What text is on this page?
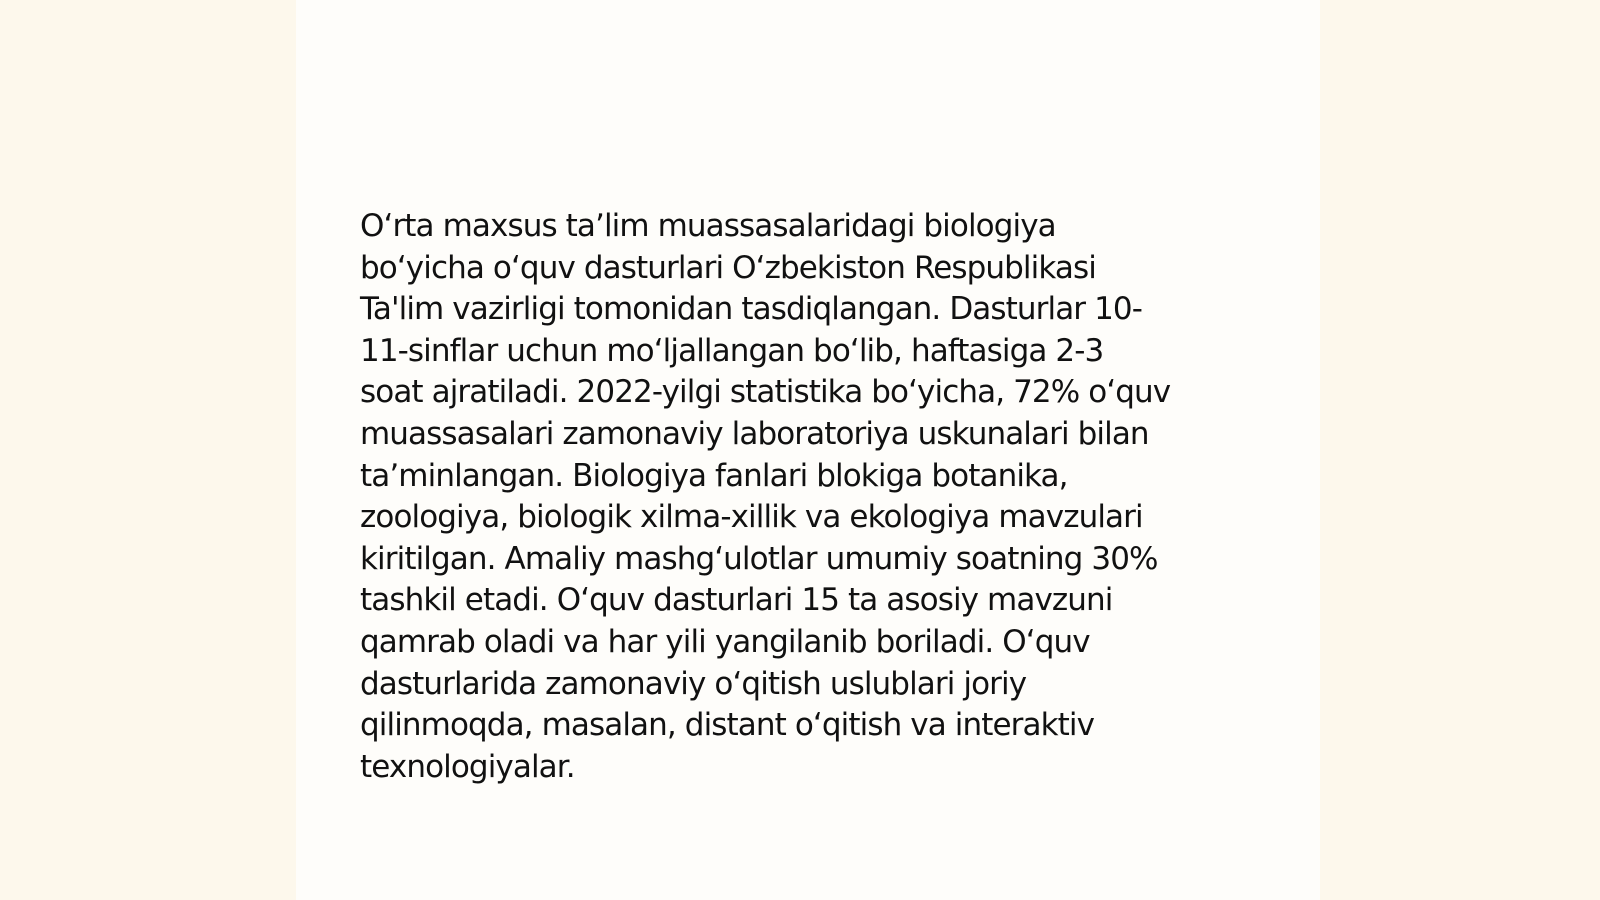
O‘rta maxsus ta’lim muassasalaridagi biologiya
bo‘yicha o‘quv dasturlari O‘zbekiston Respublikasi
Ta'lim vazirligi tomonidan tasdiqlangan. Dasturlar 10-
11-sinflar uchun mo‘ljallangan bo‘lib, haftasiga 2-3
soat ajratiladi. 2022-yilgi statistika bo‘yicha, 72% o‘quv
muassasalari zamonaviy laboratoriya uskunalari bilan
ta’minlangan. Biologiya fanlari blokiga botanika,
zoologiya, biologik xilma-xillik va ekologiya mavzulari
kiritilgan. Amaliy mashg‘ulotlar umumiy soatning 30%
tashkil etadi. O‘quv dasturlari 15 ta asosiy mavzuni
qamrab oladi va har yili yangilanib boriladi. O‘quv
dasturlarida zamonaviy o‘qitish uslublari joriy
qilinmoqda, masalan, distant o‘qitish va interaktiv
texnologiyalar.
